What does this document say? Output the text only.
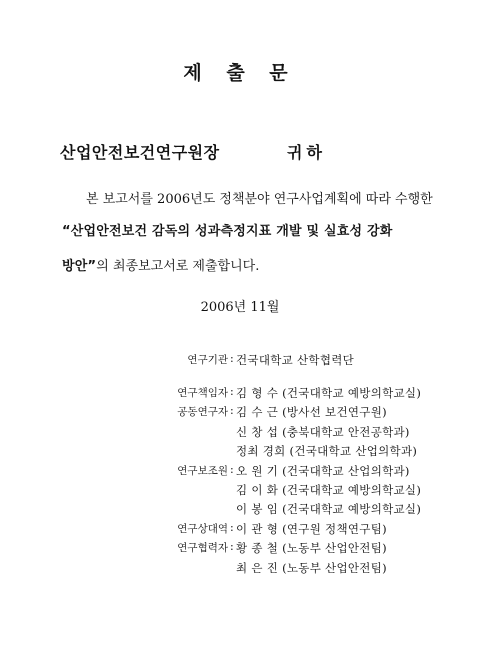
제 출 문
산업안전보건연구원장	귀하
본 보고서를 2006년도 정책분야 연구사업계획에 따라 수행한
“산업안전보건 감독의 성과측정지표 개발 및 실효성 강화
방안”의 최종보고서로 제출합니다.
2006년 11월
연구기관 : 건국대학교 산학협력단
연구책임자 : 김 형 수 (건국대학교 예방의학교실)
공동연구자 : 김 수 근 (방사선 보건연구원)
신 창 섭 (충북대학교 안전공학과)
정최 경희 (건국대학교 산업의학과)
연구보조원 : 오 원 기 (건국대학교 산업의학과)
김 이 화 (건국대학교 예방의학교실)
이 봉 임 (건국대학교 예방의학교실)
연구상대역 : 이 관 형 (연구원 정책연구팀)
연구협력자 : 황 종 철 (노동부 산업안전팀)
최 은 진 (노동부 산업안전팀)
